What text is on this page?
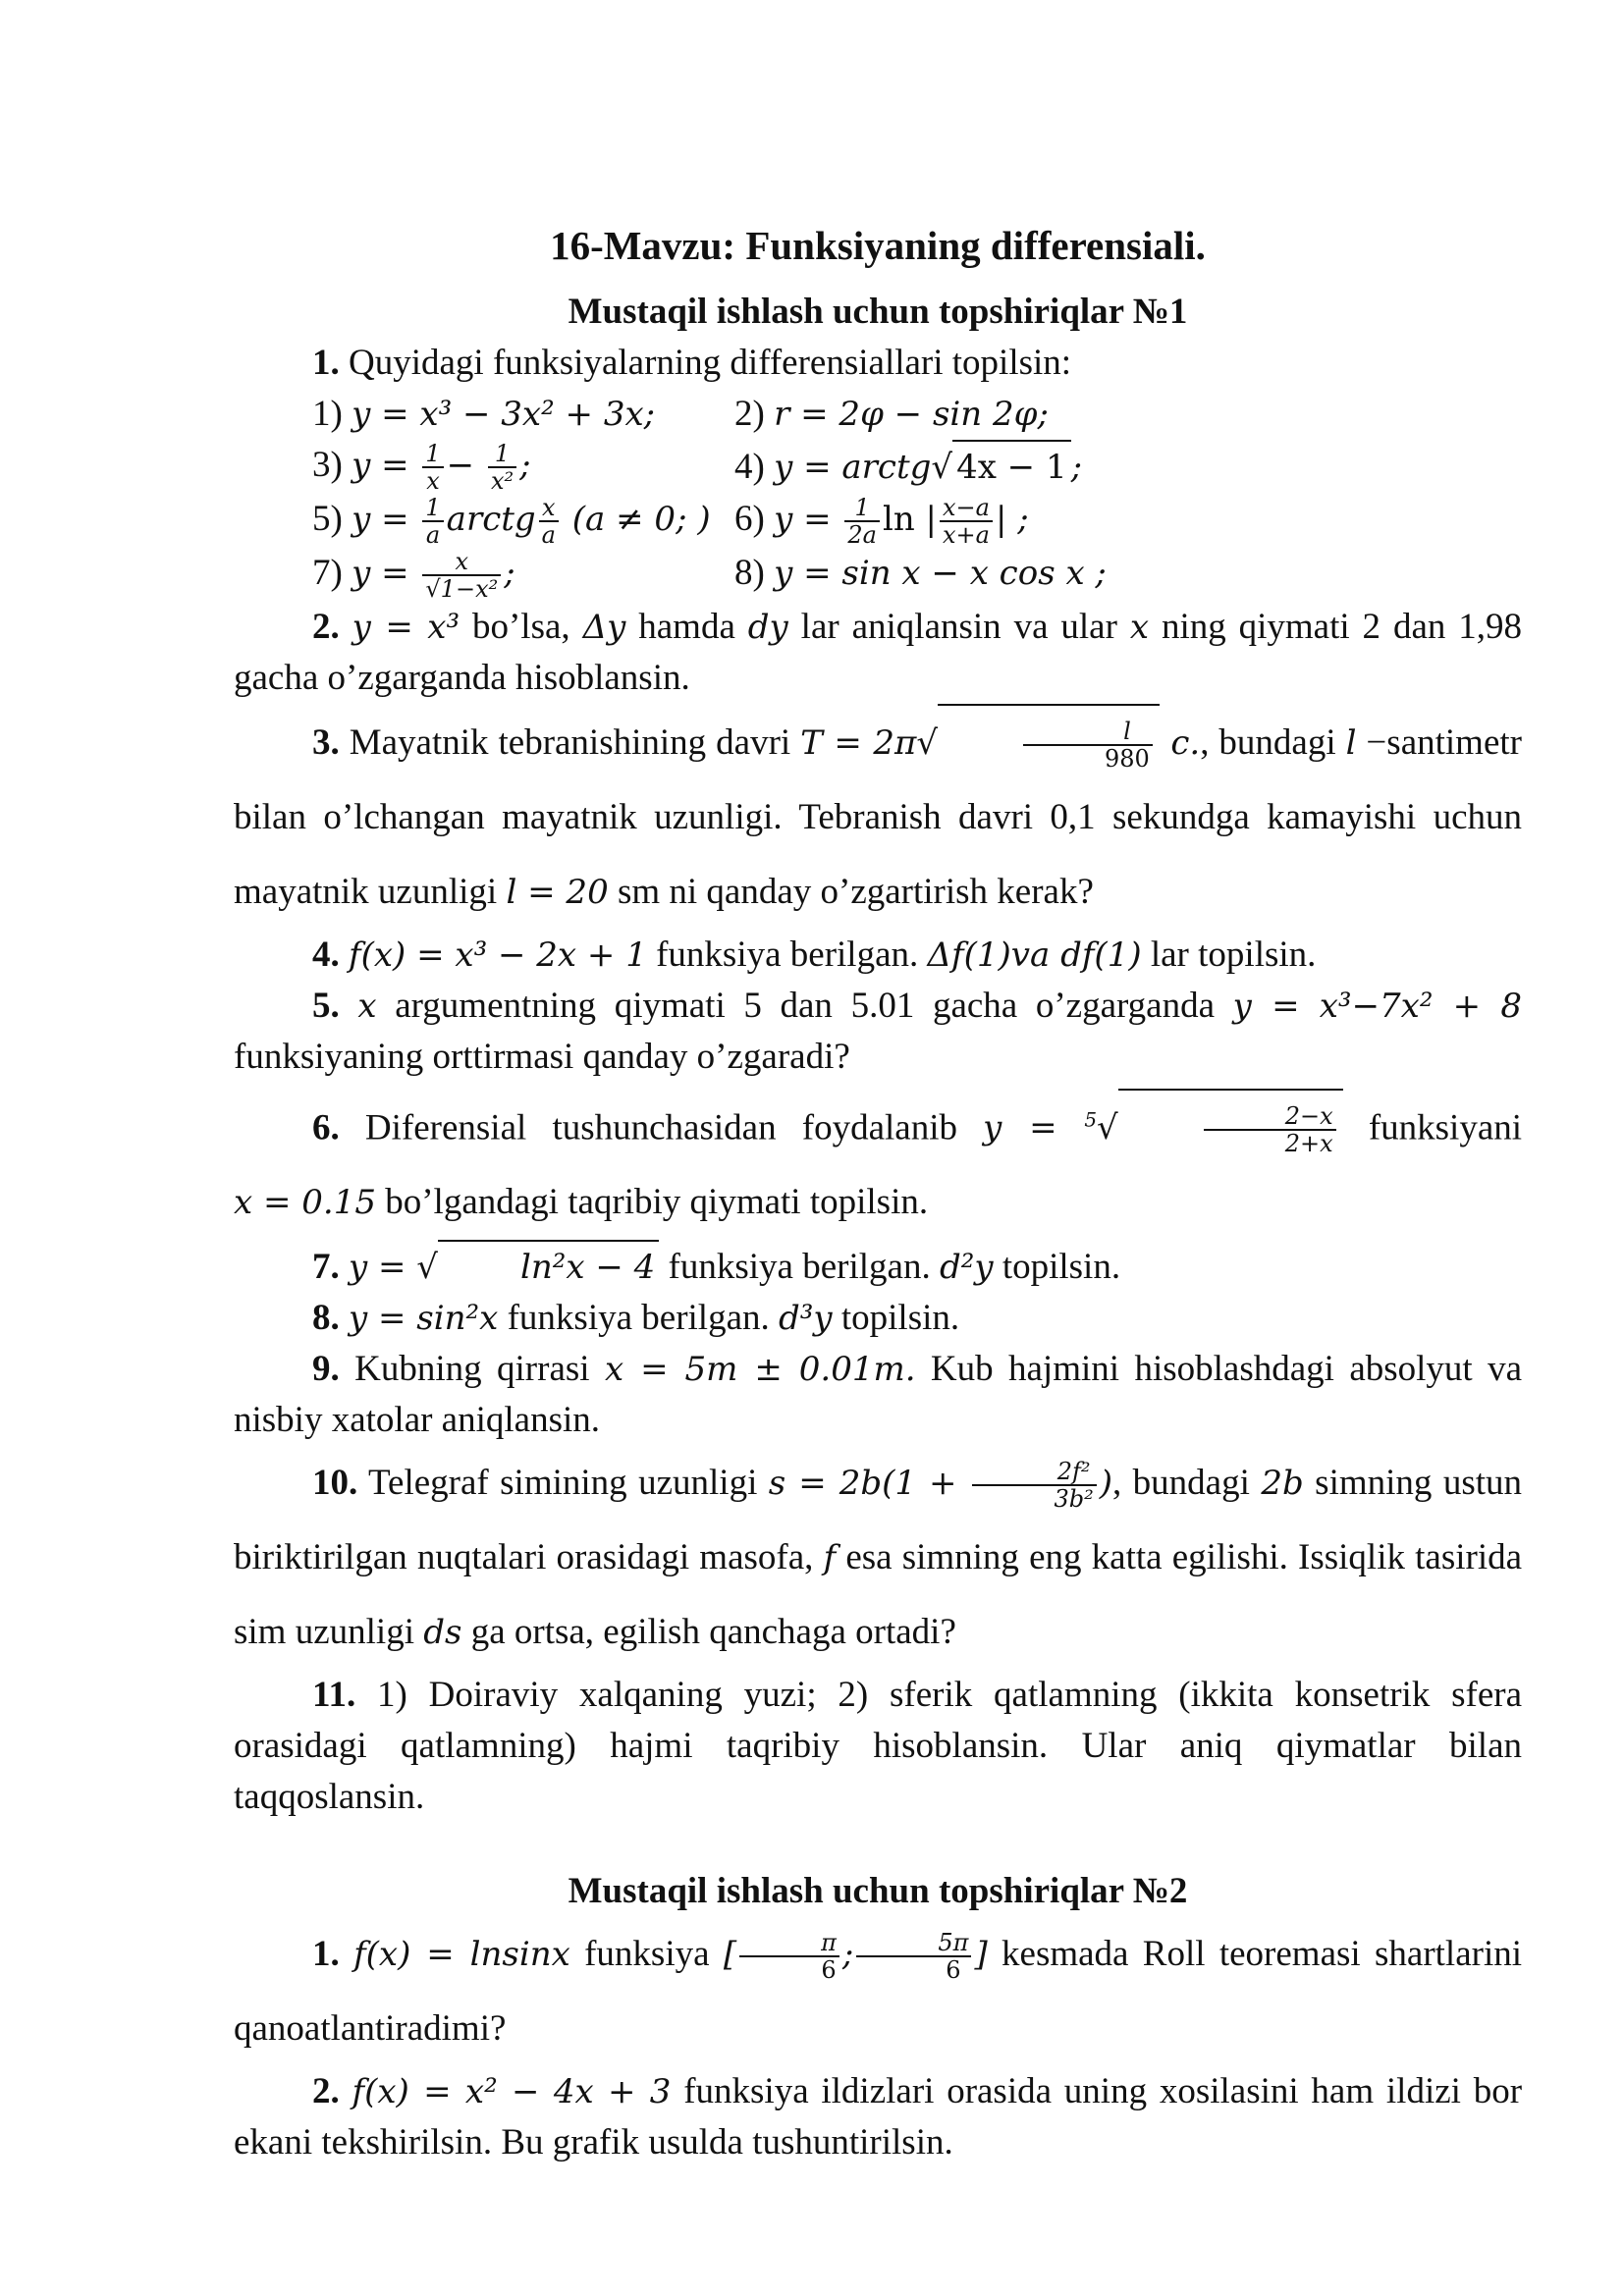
16-Mavzu: Funksiyaning differensiali.
Mustaqil ishlash uchun topshiriqlar №1
1. Quyidagi funksiyalarning differensiallari topilsin:
1) y = x³ − 3x² + 3x;	2) r = 2φ − sin 2φ;
3) $y = \frac{1}{x} - \frac{1}{\text{x²}}$ ;	4) y = arctg√ 4x − 1 ;
5) $y = \frac{1}{a}$ arctg $\frac{x}{a} (a \ne 0$; ) 6) $y = \frac{1}{2a}$ ln | $\frac{x-a}{x+a}$ | ;
7) $y = \frac{x}{\text{√1−x²}}$ ;	8) y = sin x − x cos x ;
2. y = x³ bo’lsa, Δy hamda dy lar aniqlansin va ular x ning qiymati 2 dan 1,98 gacha o’zgarganda hisoblansin.
3. Mayatnik tebranishining davri T = 2π√	$\frac{l}{980} c$., bundagi l −santimetr bilan o’lchangan mayatnik uzunligi. Tebranish davri 0,1 sekundga kamayishi uchun mayatnik uzunligi l = 20 sm ni qanday o’zgartirish kerak?
4. f(x) = x³ − 2x + 1 funksiya berilgan. Δf(1)va df(1) lar topilsin.
5. x argumentning qiymati 5 dan 5.01 gacha o’zgarganda y = x³−7x² + 8 funksiyaning orttirmasi qanday o’zgaradi?
6. Diferensial tushunchasidan foydalanib y = $^5$√	$\frac{2-x}{2+x}$ funksiyani x = 0.15 bo’lgandagi taqribiy qiymati topilsin.
7. y = √ ln²x − 4 funksiya berilgan. d²y topilsin.
8. y = sin²x funksiya berilgan. d³y topilsin.
9. Kubning qirrasi x = 5m ± 0.01m. Kub hajmini hisoblashdagi absolyut va nisbiy xatolar aniqlansin.
10. Telegraf simining uzunligi $s = 2b(1 + \frac{\text{2f²}}{\text{3b²}}$ ), bundagi 2b simning ustun biriktirilgan nuqtalari orasidagi masofa, f esa simning eng katta egilishi. Issiqlik tasirida sim uzunligi ds ga ortsa, egilish qanchaga ortadi?
11. 1) Doiraviy xalqaning yuzi; 2) sferik qatlamning (ikkita konsetrik sfera orasidagi qatlamning) hajmi taqribiy hisoblansin. Ular aniq qiymatlar bilan taqqoslansin.
Mustaqil ishlash uchun topshiriqlar №2
1. f(x) = lnsinx funksiya [ $\frac{\pi}{6}$ ; $\frac{5\pi}{6}$ ] kesmada Roll teoremasi shartlarini qanoatlantiradimi?
2. f(x) = x² − 4x + 3 funksiya ildizlari orasida uning xosilasini ham ildizi bor ekani tekshirilsin. Bu grafik usulda tushuntirilsin.
